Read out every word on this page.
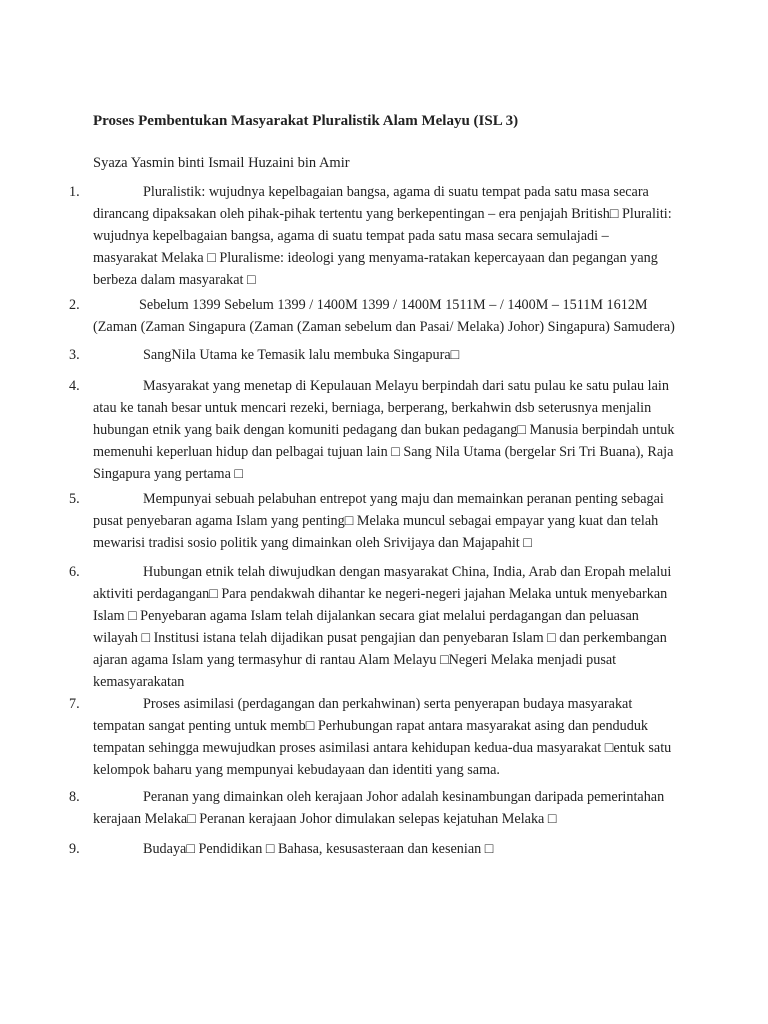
Proses Pembentukan Masyarakat Pluralistik Alam Melayu (ISL 3)
Syaza Yasmin binti Ismail Huzaini bin Amir
1.	Pluralistik: wujudnya kepelbagaian bangsa, agama di suatu tempat pada satu masa secara
dirancang dipaksakan oleh pihak-pihak tertentu yang berkepentingan – era penjajah British□ Pluraliti:
wujudnya kepelbagaian bangsa, agama di suatu tempat pada satu masa secara semulajadi –
masyarakat Melaka □ Pluralisme: ideologi yang menyama-ratakan kepercayaan dan pegangan yang
berbeza dalam masyarakat □

2.	Sebelum 1399 Sebelum 1399 / 1400M 1399 / 1400M 1511M – / 1400M – 1511M 1612M
(Zaman (Zaman Singapura (Zaman (Zaman sebelum dan Pasai/ Melaka) Johor) Singapura) Samudera)

3.	SangNila Utama ke Temasik lalu membuka Singapura□

4.	Masyarakat yang menetap di Kepulauan Melayu berpindah dari satu pulau ke satu pulau lain
atau ke tanah besar untuk mencari rezeki, berniaga, berperang, berkahwin dsb seterusnya menjalin
hubungan etnik yang baik dengan komuniti pedagang dan bukan pedagang□ Manusia berpindah untuk
memenuhi keperluan hidup dan pelbagai tujuan lain □ Sang Nila Utama (bergelar Sri Tri Buana), Raja
Singapura yang pertama □

5.	Mempunyai sebuah pelabuhan entrepot yang maju dan memainkan peranan penting sebagai
pusat penyebaran agama Islam yang penting□ Melaka muncul sebagai empayar yang kuat dan telah
mewarisi tradisi sosio politik yang dimainkan oleh Srivijaya dan Majapahit □

6.	Hubungan etnik telah diwujudkan dengan masyarakat China, India, Arab dan Eropah melalui
aktiviti perdagangan□ Para pendakwah dihantar ke negeri-negeri jajahan Melaka untuk menyebarkan
Islam □ Penyebaran agama Islam telah dijalankan secara giat melalui perdagangan dan peluasan
wilayah □ Institusi istana telah dijadikan pusat pengajian dan penyebaran Islam □ dan perkembangan
ajaran agama Islam yang termasyhur di rantau Alam Melayu □Negeri Melaka menjadi pusat
kemasyarakatan

7.	Proses asimilasi (perdagangan dan perkahwinan) serta penyerapan budaya masyarakat
tempatan sangat penting untuk memb□ Perhubungan rapat antara masyarakat asing dan penduduk
tempatan sehingga mewujudkan proses asimilasi antara kehidupan kedua-dua masyarakat □entuk satu
kelompok baharu yang mempunyai kebudayaan dan identiti yang sama.

8.	Peranan yang dimainkan oleh kerajaan Johor adalah kesinambungan daripada pemerintahan
kerajaan Melaka□ Peranan kerajaan Johor dimulakan selepas kejatuhan Melaka □

9.	Budaya□ Pendidikan □ Bahasa, kesusasteraan dan kesenian □
